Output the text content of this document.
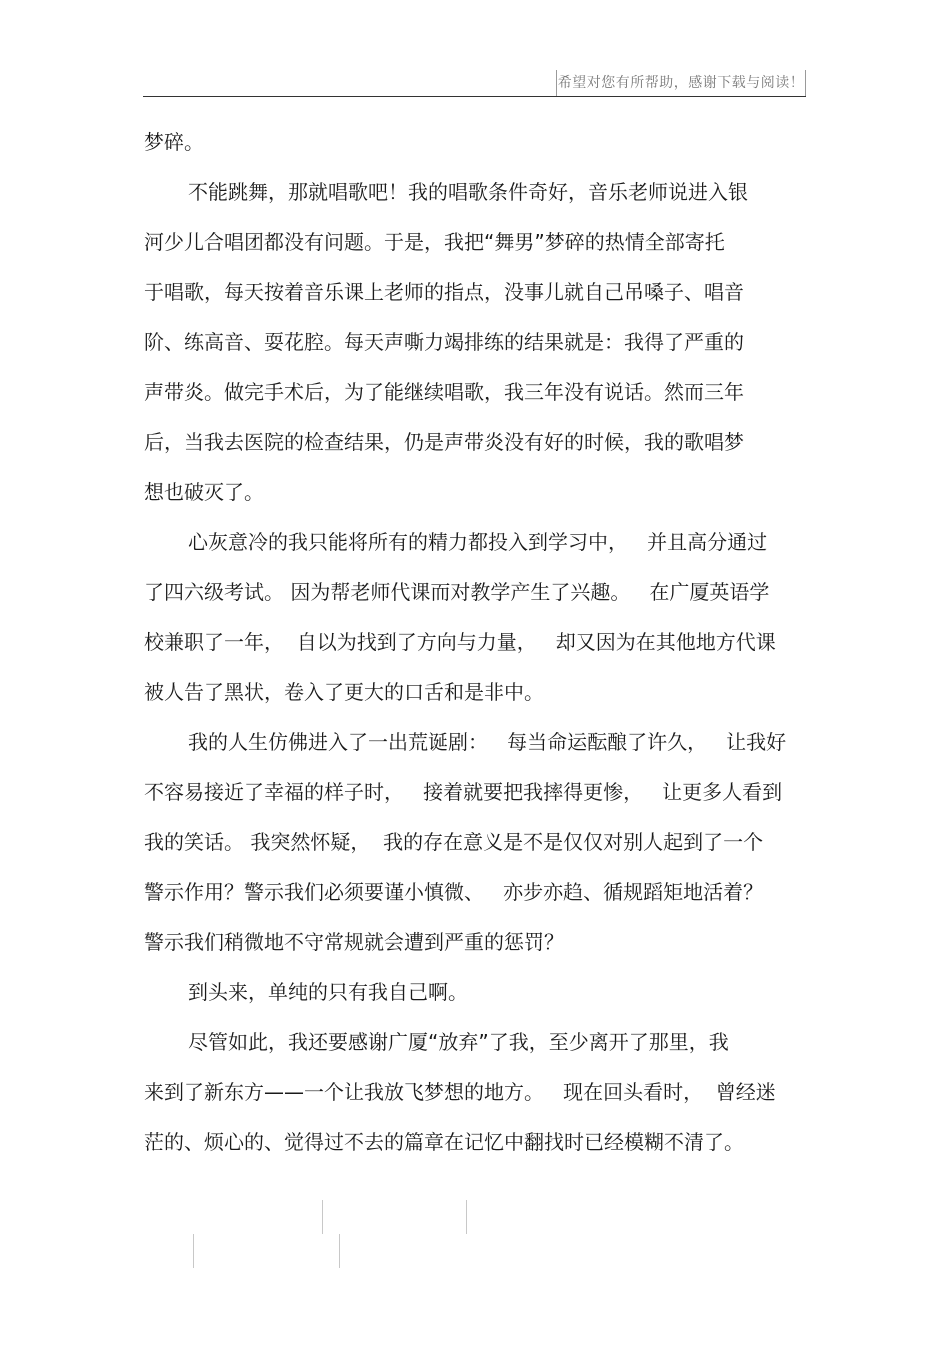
希望对您有所帮助，感谢下载与阅读！
梦碎。
不能跳舞，那就唱歌吧！我的唱歌条件奇好，音乐老师说进入银
河少儿合唱团都没有问题。于是，我把“舞男”梦碎的热情全部寄托
于唱歌，每天按着音乐课上老师的指点，没事儿就自己吊嗓子、唱音
阶、练高音、耍花腔。每天声嘶力竭排练的结果就是：我得了严重的
声带炎。做完手术后，为了能继续唱歌，我三年没有说话。然而三年
后，当我去医院的检查结果，仍是声带炎没有好的时候，我的歌唱梦
想也破灭了。
心灰意冷的我只能将所有的精力都投入到学习中，   并且高分通过
了四六级考试。 因为帮老师代课而对教学产生了兴趣。   在广厦英语学
校兼职了一年，  自以为找到了方向与力量，   却又因为在其他地方代课
被人告了黑状，卷入了更大的口舌和是非中。
我的人生仿佛进入了一出荒诞剧：   每当命运酝酿了许久，   让我好
不容易接近了幸福的样子时，   接着就要把我摔得更惨，   让更多人看到
我的笑话。 我突然怀疑，  我的存在意义是不是仅仅对别人起到了一个
警示作用？警示我们必须要谨小慎微、   亦步亦趋、循规蹈矩地活着？
警示我们稍微地不守常规就会遭到严重的惩罚？
到头来，单纯的只有我自己啊。
尽管如此，我还要感谢广厦“放弃”了我，至少离开了那里，我
来到了新东方——一个让我放飞梦想的地方。   现在回头看时，  曾经迷
茫的、烦心的、觉得过不去的篇章在记忆中翻找时已经模糊不清了。
